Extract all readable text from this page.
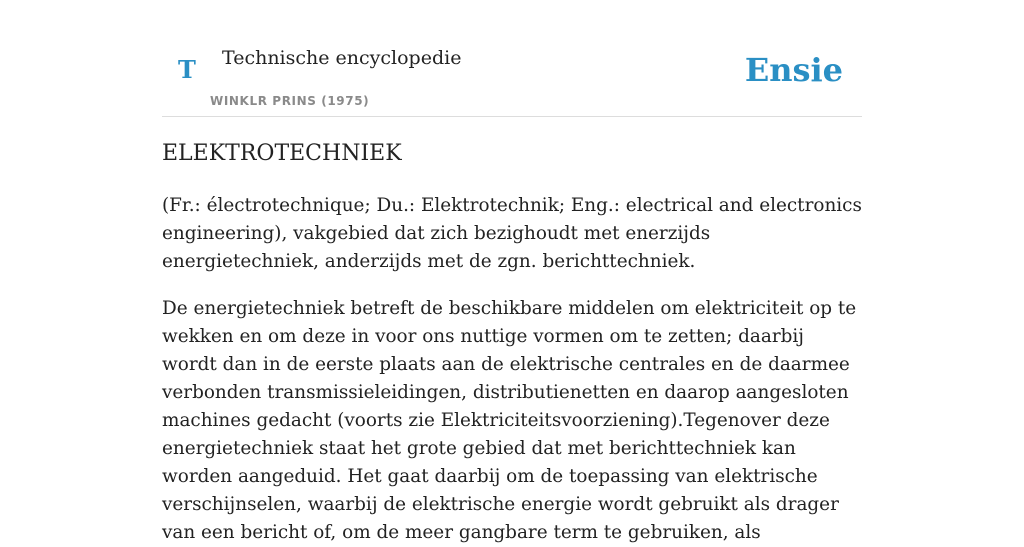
T Technische encyclopedie
WINKLR PRINS (1975)
Ensie
ELEKTROTECHNIEK

(Fr.: électrotechnique; Du.: Elektrotechnik; Eng.: electrical and electronics engineering), vakgebied dat zich bezighoudt met enerzijds energietechniek, anderzijds met de zgn. berichttechniek.

De energietechniek betreft de beschikbare middelen om elektriciteit op te wekken en om deze in voor ons nuttige vormen om te zetten; daarbij wordt dan in de eerste plaats aan de elektrische centrales en de daarmee verbonden transmissieleidingen, distributienetten en daarop aangesloten machines gedacht (voorts zie Elektriciteitsvoorziening).Tegenover deze energietechniek staat het grote gebied dat met berichttechniek kan worden aangeduid. Het gaat daarbij om de toepassing van elektrische verschijnselen, waarbij de elektrische energie wordt gebruikt als drager van een bericht of, om de meer gangbare term te gebruiken, als
